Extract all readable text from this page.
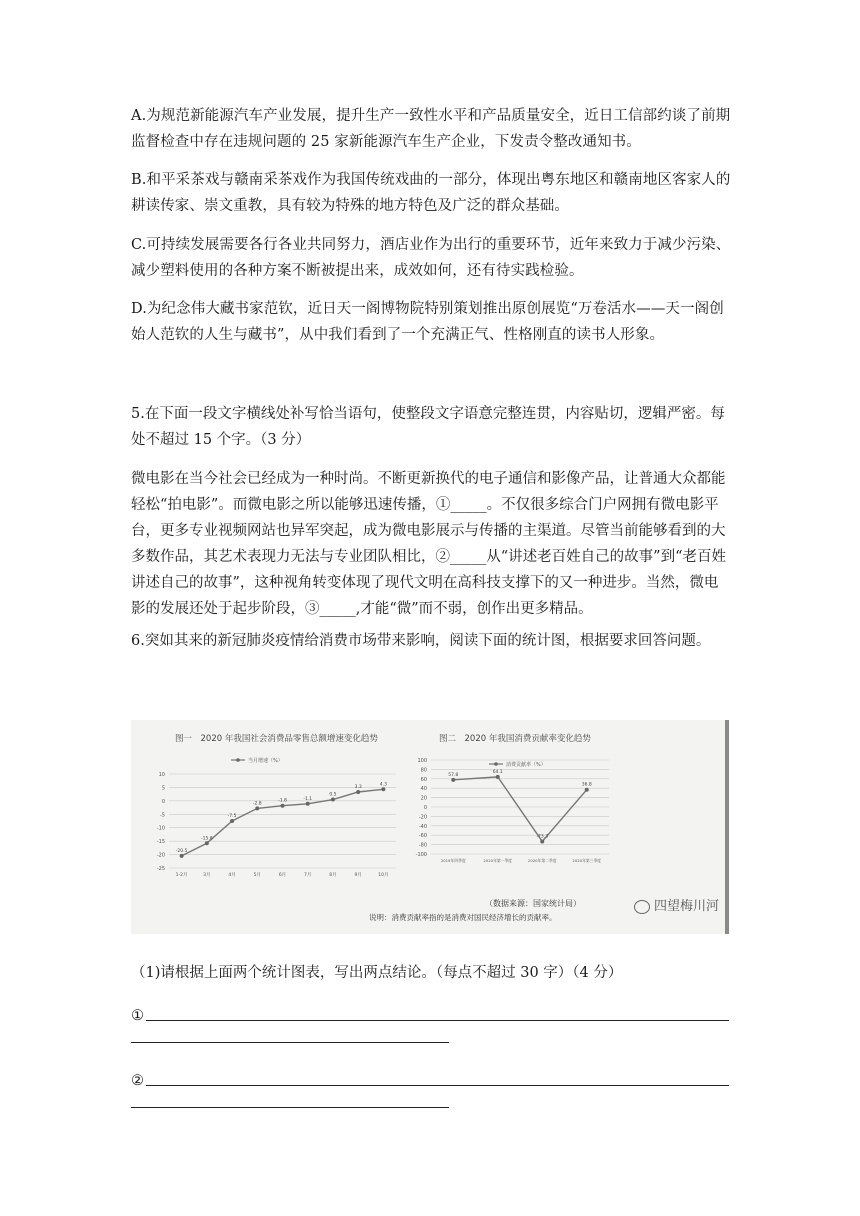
A.为规范新能源汽车产业发展，提升生产一致性水平和产品质量安全，近日工信部约谈了前期监督检查中存在违规问题的 25 家新能源汽车生产企业，下发责令整改通知书。

B.和平采茶戏与赣南采茶戏作为我国传统戏曲的一部分，体现出粤东地区和赣南地区客家人的耕读传家、崇文重教，具有较为特殊的地方特色及广泛的群众基础。

C.可持续发展需要各行各业共同努力，酒店业作为出行的重要环节，近年来致力于减少污染、减少塑料使用的各种方案不断被提出来，成效如何，还有待实践检验。

D.为纪念伟大藏书家范钦，近日天一阁博物院特别策划推出原创展览“万卷活水——天一阁创始人范钦的人生与藏书”，从中我们看到了一个充满正气、性格刚直的读书人形象。

5.在下面一段文字横线处补写恰当语句，使整段文字语意完整连贯，内容贴切，逻辑严密。每处不超过 15 个字。（3 分）

微电影在当今社会已经成为一种时尚。不断更新换代的电子通信和影像产品，让普通大众都能轻松“拍电影”。而微电影之所以能够迅速传播，①_____。不仅很多综合门户网拥有微电影平台，更多专业视频网站也异军突起，成为微电影展示与传播的主渠道。尽管当前能够看到的大多数作品，其艺术表现力无法与专业团队相比，②_____从“讲述老百姓自己的故事”到“老百姓讲述自己的故事”，这种视角转变体现了现代文明在高科技支撑下的又一种进步。当然，微电影的发展还处于起步阶段，③_____,才能“微”而不弱，创作出更多精品。

6.突如其来的新冠肺炎疫情给消费市场带来影响，阅读下面的统计图，根据要求回答问题。

图一　2020 年我国社会消费品零售总额增速变化趋势	图二　2020 年我国消费贡献率变化趋势
10
5
0
-5
-10
-15
-20
-25
1-2月	3月	4月	5月	6月	7月	8月	9月	10月
-20.5
-15.8
-7.5
-2.8
-1.8	-1.1
0.5
3.3
4.3
当月增速（%）	100
80
60
40
20
0
-20
-40
-60
-80
-100
2019年四季度	2020年第一季度	2020年第二季度	2020年第三季度
57.8
64.1
-73.3
36.8
消费贡献率（%）
（数据来源：国家统计局）
说明：消费贡献率指的是消费对国民经济增长的贡献率。
四望梅川河

（1)请根据上面两个统计图表，写出两点结论。（每点不超过 30 字）（4 分）

①
②
